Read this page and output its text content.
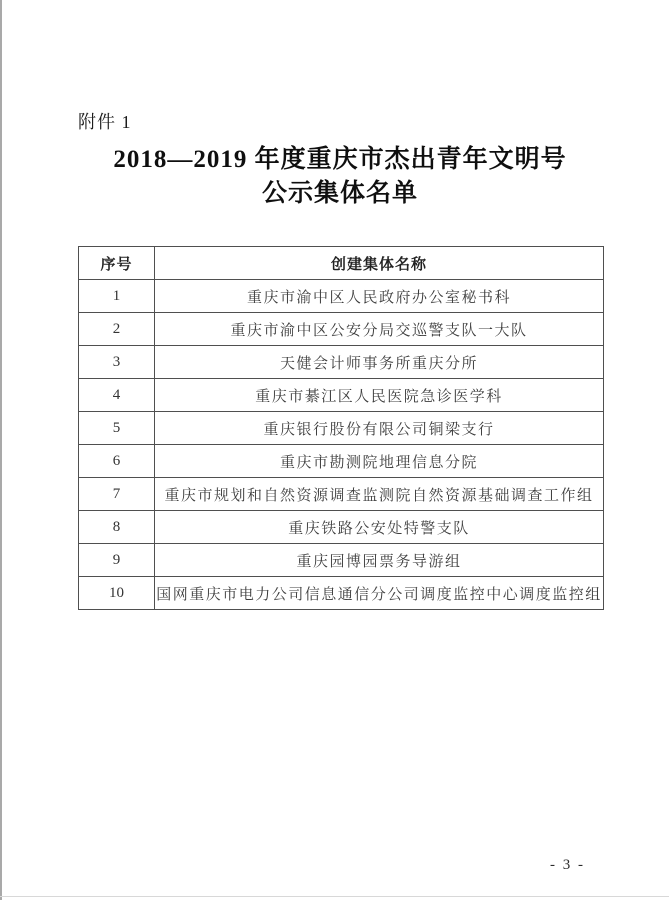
附件 1
2018—2019 年度重庆市杰出青年文明号
公示集体名单
序号	创建集体名称
1	重庆市渝中区人民政府办公室秘书科
2	重庆市渝中区公安分局交巡警支队一大队
3	天健会计师事务所重庆分所
4	重庆市綦江区人民医院急诊医学科
5	重庆银行股份有限公司铜梁支行
6	重庆市勘测院地理信息分院
7	重庆市规划和自然资源调查监测院自然资源基础调查工作组
8	重庆铁路公安处特警支队
9	重庆园博园票务导游组
10	国网重庆市电力公司信息通信分公司调度监控中心调度监控组
- 3 -
